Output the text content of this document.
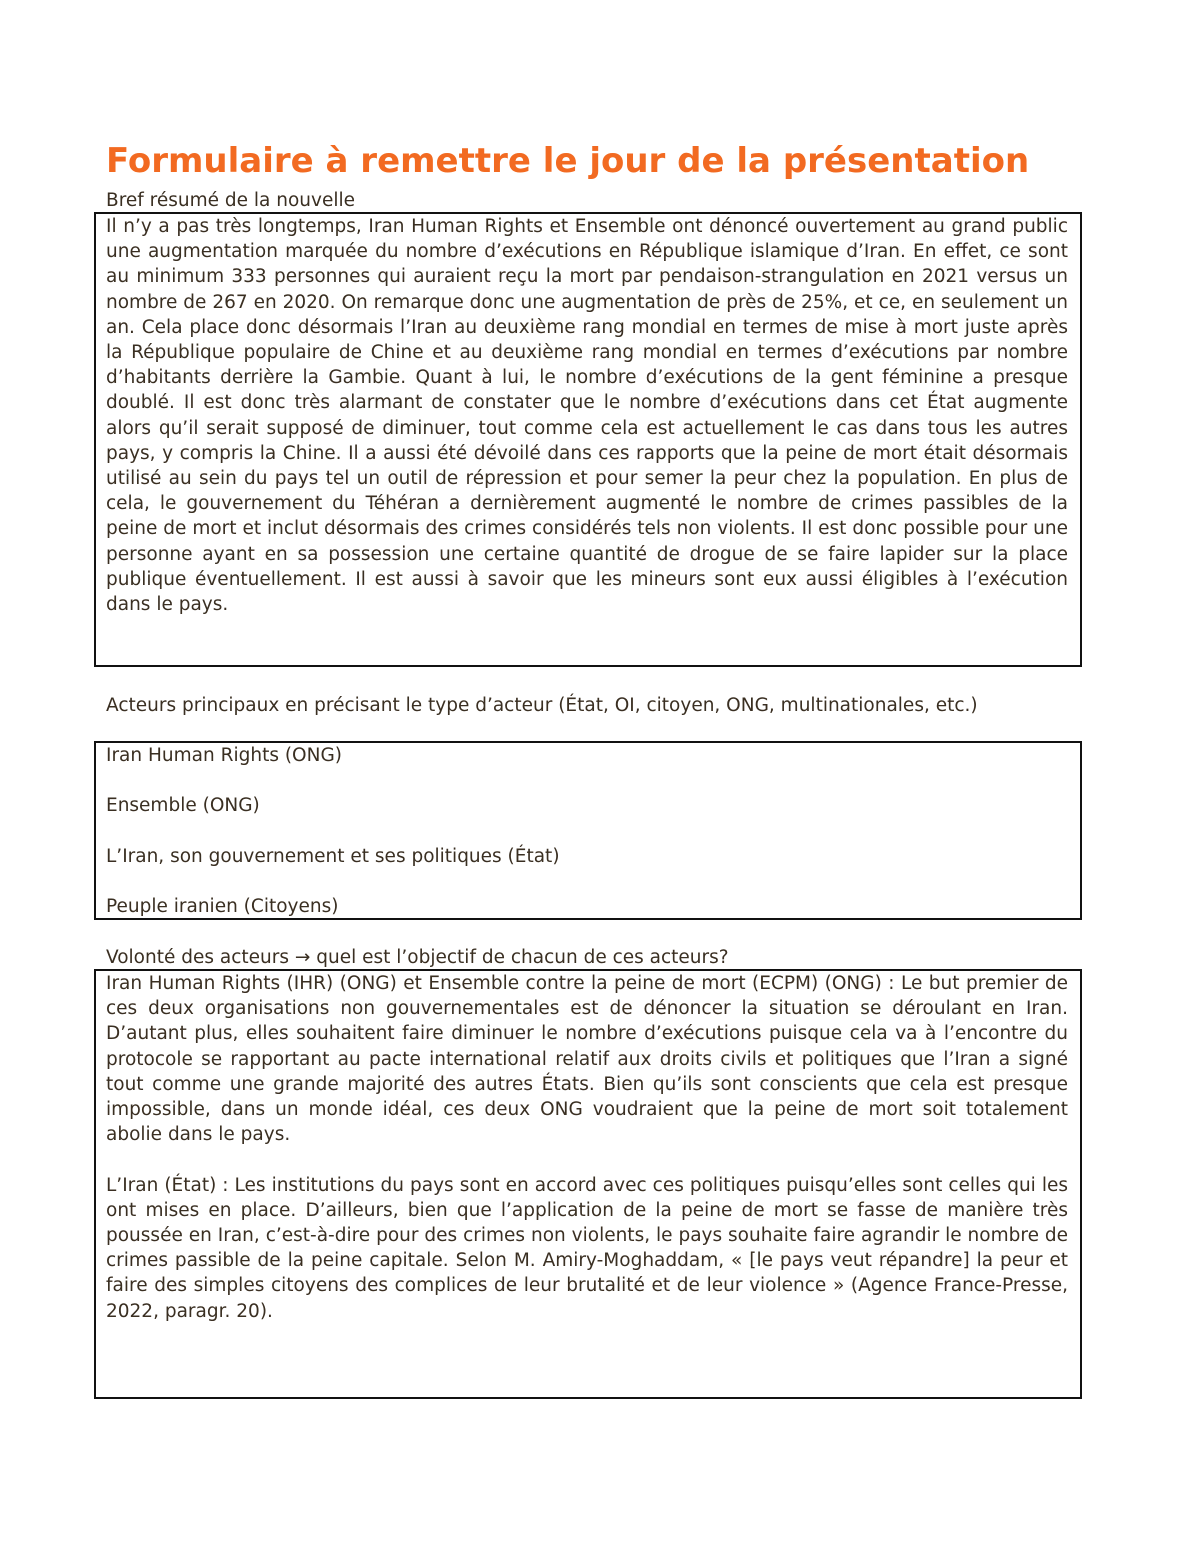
Formulaire à remettre le jour de la présentation
Bref résumé de la nouvelle

Il n’y a pas très longtemps, Iran Human Rights et Ensemble ont dénoncé ouvertement au grand public une augmentation marquée du nombre d’exécutions en République islamique d’Iran. En effet, ce sont au minimum 333 personnes qui auraient reçu la mort par pendaison-strangulation en 2021 versus un nombre de 267 en 2020. On remarque donc une augmentation de près de 25%, et ce, en seulement un an. Cela place donc désormais l’Iran au deuxième rang mondial en termes de mise à mort juste après la République populaire de Chine et au deuxième rang mondial en termes d’exécutions par nombre d’habitants derrière la Gambie. Quant à lui, le nombre d’exécutions de la gent féminine a presque doublé. Il est donc très alarmant de constater que le nombre d’exécutions dans cet État augmente alors qu’il serait supposé de diminuer, tout comme cela est actuellement le cas dans tous les autres pays, y compris la Chine. Il a aussi été dévoilé dans ces rapports que la peine de mort était désormais utilisé au sein du pays tel un outil de répression et pour semer la peur chez la population. En plus de cela, le gouvernement du Téhéran a dernièrement augmenté le nombre de crimes passibles de la peine de mort et inclut désormais des crimes considérés tels non violents. Il est donc possible pour une personne ayant en sa possession une certaine quantité de drogue de se faire lapider sur la place publique éventuellement. Il est aussi à savoir que les mineurs sont eux aussi éligibles à l’exécution dans le pays.

Acteurs principaux en précisant le type d’acteur (État, OI, citoyen, ONG, multinationales, etc.)

Iran Human Rights (ONG)

Ensemble (ONG)

L’Iran, son gouvernement et ses politiques (État)

Peuple iranien (Citoyens)

Volonté des acteurs → quel est l’objectif de chacun de ces acteurs?

Iran Human Rights (IHR) (ONG) et Ensemble contre la peine de mort (ECPM) (ONG) : Le but premier de ces deux organisations non gouvernementales est de dénoncer la situation se déroulant en Iran. D’autant plus, elles souhaitent faire diminuer le nombre d’exécutions puisque cela va à l’encontre du protocole se rapportant au pacte international relatif aux droits civils et politiques que l’Iran a signé tout comme une grande majorité des autres États. Bien qu’ils sont conscients que cela est presque impossible, dans un monde idéal, ces deux ONG voudraient que la peine de mort soit totalement abolie dans le pays.

L’Iran (État) : Les institutions du pays sont en accord avec ces politiques puisqu’elles sont celles qui les ont mises en place. D’ailleurs, bien que l’application de la peine de mort se fasse de manière très poussée en Iran, c’est-à-dire pour des crimes non violents, le pays souhaite faire agrandir le nombre de crimes passible de la peine capitale. Selon M. Amiry-Moghaddam, « [le pays veut répandre] la peur et faire des simples citoyens des complices de leur brutalité et de leur violence » (Agence France-Presse, 2022, paragr. 20).
